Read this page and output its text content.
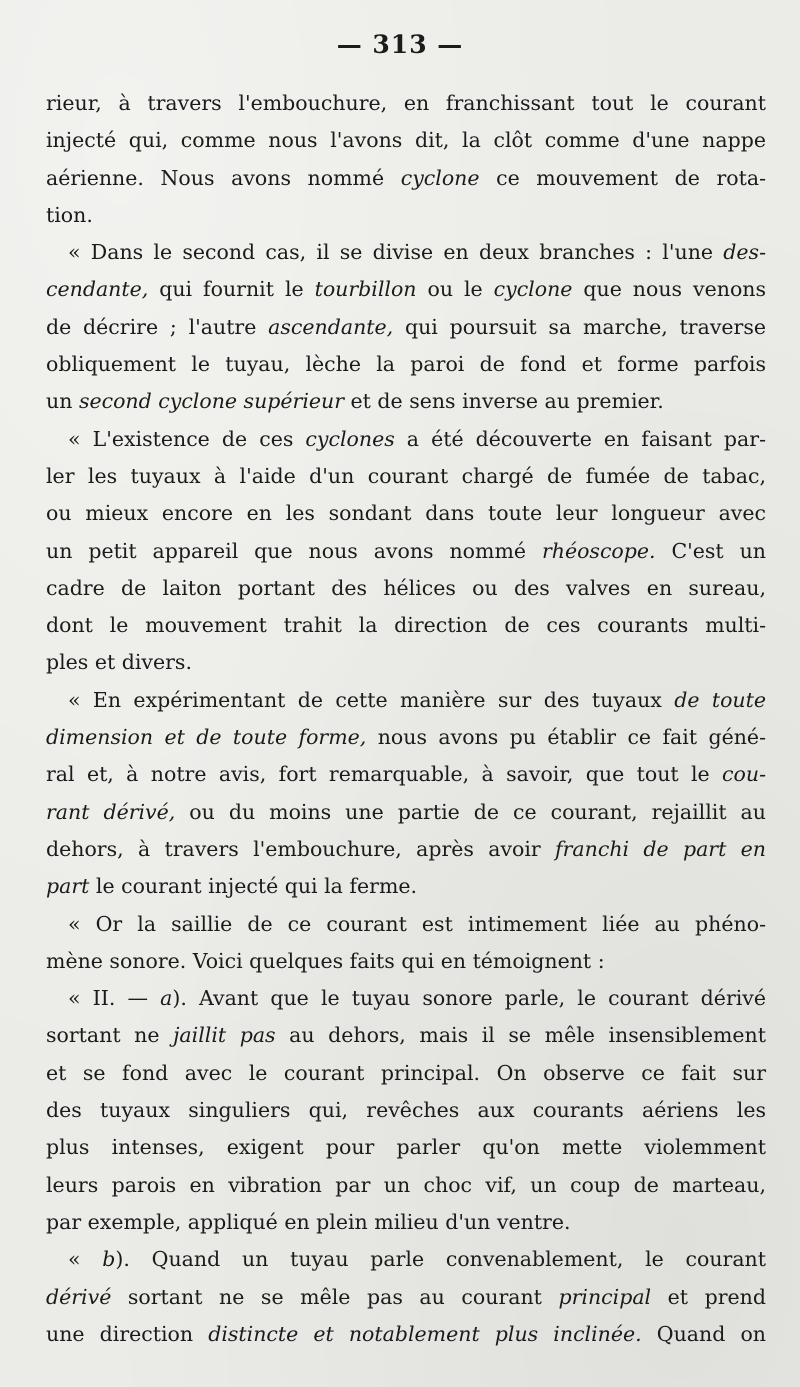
— 313 —
rieur, à travers l'embouchure, en franchissant tout le courant
injecté qui, comme nous l'avons dit, la clôt comme d'une nappe
aérienne. Nous avons nommé cyclone ce mouvement de rota-
tion.
« Dans le second cas, il se divise en deux branches : l'une des-
cendante, qui fournit le tourbillon ou le cyclone que nous venons
de décrire ; l'autre ascendante, qui poursuit sa marche, traverse
obliquement le tuyau, lèche la paroi de fond et forme parfois
un second cyclone supérieur et de sens inverse au premier.
« L'existence de ces cyclones a été découverte en faisant par-
ler les tuyaux à l'aide d'un courant chargé de fumée de tabac,
ou mieux encore en les sondant dans toute leur longueur avec
un petit appareil que nous avons nommé rhéoscope. C'est un
cadre de laiton portant des hélices ou des valves en sureau,
dont le mouvement trahit la direction de ces courants multi-
ples et divers.
« En expérimentant de cette manière sur des tuyaux de toute
dimension et de toute forme, nous avons pu établir ce fait géné-
ral et, à notre avis, fort remarquable, à savoir, que tout le cou-
rant dérivé, ou du moins une partie de ce courant, rejaillit au
dehors, à travers l'embouchure, après avoir franchi de part en
part le courant injecté qui la ferme.
« Or la saillie de ce courant est intimement liée au phéno-
mène sonore. Voici quelques faits qui en témoignent :
« II. — a). Avant que le tuyau sonore parle, le courant dérivé
sortant ne jaillit pas au dehors, mais il se mêle insensiblement
et se fond avec le courant principal. On observe ce fait sur
des tuyaux singuliers qui, revêches aux courants aériens les
plus intenses, exigent pour parler qu'on mette violemment
leurs parois en vibration par un choc vif, un coup de marteau,
par exemple, appliqué en plein milieu d'un ventre.
« b). Quand un tuyau parle convenablement, le courant
dérivé sortant ne se mêle pas au courant principal et prend
une direction distincte et notablement plus inclinée. Quand on
